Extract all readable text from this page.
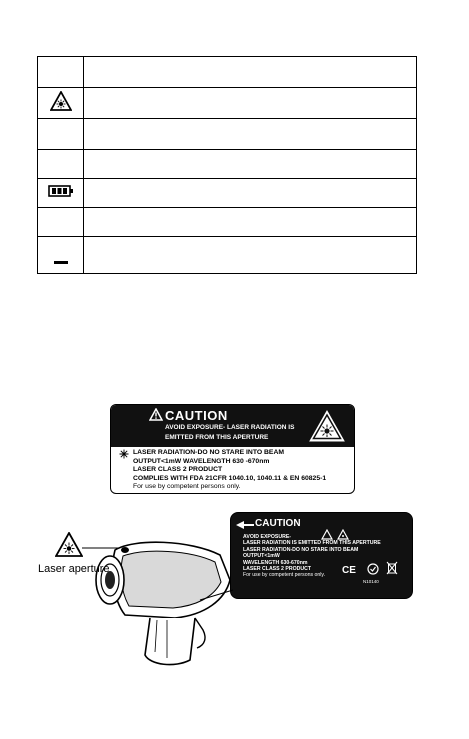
CAUTION
AVOID EXPOSURE- LASER RADIATION IS
EMITTED FROM THIS APERTURE
LASER RADIATION-DO NO STARE INTO BEAM
OUTPUT<1mW WAVELENGTH 630 -670nm
LASER CLASS 2 PRODUCT
COMPLIES WITH FDA 21CFR 1040.10, 1040.11 & EN 60825-1
For use by competent persons only.
CAUTION
AVOID EXPOSURE-
LASER RADIATION IS EMITTED FROM THIS APERTURE
LASER RADIATION-DO NO STARE INTO BEAM
OUTPUT<1mW
WAVELENGTH 630-670nm
LASER CLASS 2 PRODUCT
For use by competent persons only.	CE
N10140
Laser aperture
